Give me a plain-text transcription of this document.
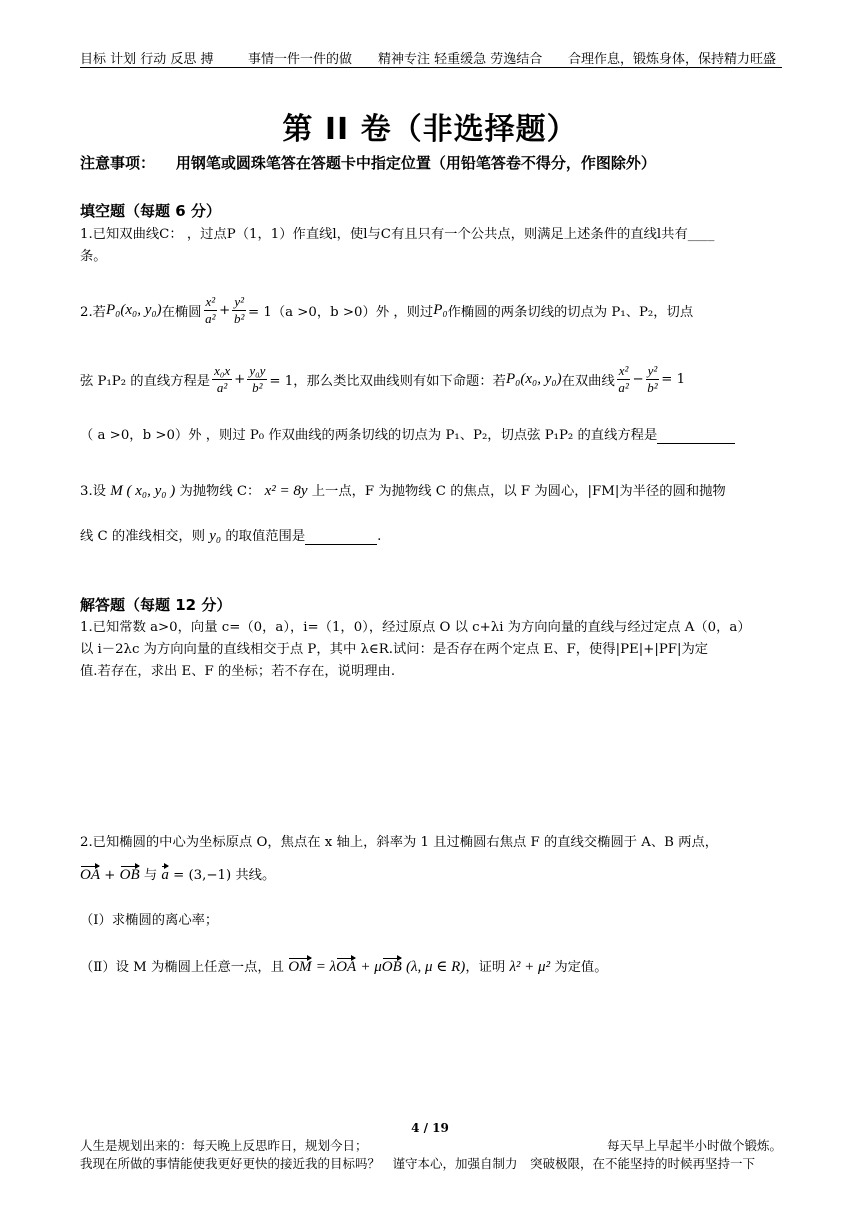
目标 计划 行动 反思 搏	事情一件一件的做 精神专注 轻重缓急 劳逸结合 合理作息，锻炼身体，保持精力旺盛
第 II 卷（非选择题）
注意事项： 用钢笔或圆珠笔答在答题卡中指定位置（用铅笔答卷不得分，作图除外）
填空题（每题 6 分）
1.已知双曲线C： ，过点P（1，1）作直线l，使l与C有且只有一个公共点，则满足上述条件的直线l共有____
条。
2.若 P₀(x₀, y₀) 在椭圆 $\frac{\text{x²}}{\text{a²}} + \frac{\text{y²}}{\text{b²}} = 1$（ a >0，b >0）外 ，则过 P₀ 作椭圆的两条切线的切点为 P₁、P₂，切点
弦 P₁P₂ 的直线方程是 $\frac{\text{x₀x}}{\text{a²}} + \frac{\text{y₀y}}{\text{b²}} = 1$，那么类比双曲线则有如下命题：若 P₀(x₀, y₀) 在双曲线 $\frac{\text{x²}}{\text{a²}} - \frac{\text{y²}}{\text{b²}} = 1$
（ a >0，b >0）外 ，则过 P₀ 作双曲线的两条切线的切点为 P₁、P₂，切点弦 P₁P₂ 的直线方程是
3.设 M ( x₀, y₀ ) 为抛物线 C： x² = 8y 上一点，F 为抛物线 C 的焦点，以 F 为圆心，|FM|为半径的圆和抛物
线 C 的准线相交，则 y₀ 的取值范围是	.
解答题（每题 12 分）
1.已知常数 a>0，向量 c=（0，a），i=（1，0），经过原点 O 以 c+λi 为方向向量的直线与经过定点 A（0，a）
以 i－2λc 为方向向量的直线相交于点 P，其中 λ∈R.试问：是否存在两个定点 E、F，使得|PE|+|PF|为定
值.若存在，求出 E、F 的坐标；若不存在，说明理由.
2.已知椭圆的中心为坐标原点 O，焦点在 x 轴上，斜率为 1 且过椭圆右焦点 F 的直线交椭圆于 A、B 两点，
OA + OB 与 a = (3,−1) 共线。
（Ⅰ）求椭圆的离心率；
（Ⅱ）设 M 为椭圆上任意一点，且 OM = λOA + μOB (λ, μ ∈ R)，证明 λ² + μ² 为定值。
4 / 19
人生是规划出来的：每天晚上反思昨日，规划今日；	每天早上早起半小时做个锻炼。
我现在所做的事情能使我更好更快的接近我的目标吗？　谨守本心，加强自制力　突破极限，在不能坚持的时候再坚持一下
